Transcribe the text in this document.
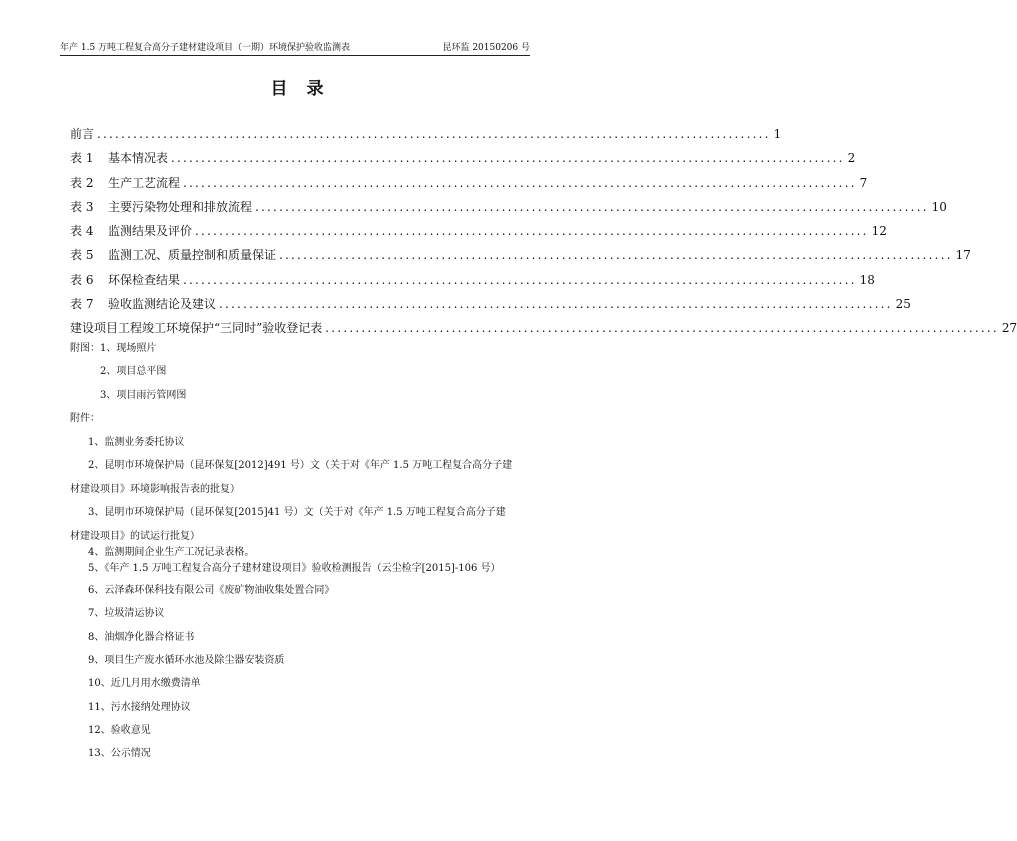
年产 1.5 万吨工程复合高分子建材建设项目（一期）环境保护验收监测表	昆环监 20150206 号
目　录
前言 ................................................................................................................ 1
表 1	基本情况表 ................................................................................................................ 2
表 2	生产工艺流程 ................................................................................................................ 7
表 3	主要污染物处理和排放流程 ................................................................................................................ 10
表 4	监测结果及评价 ................................................................................................................ 12
表 5	监测工况、质量控制和质量保证 ................................................................................................................ 17
表 6	环保检查结果 ................................................................................................................ 18
表 7	验收监测结论及建议 ................................................................................................................ 25
建设项目工程竣工环境保护“三同时”验收登记表 ................................................................................................................ 27
附图：1、现场照片
2、项目总平图
3、项目雨污管网图
附件：
1、监测业务委托协议
2、昆明市环境保护局（昆环保复[2012]491 号）文（关于对《年产 1.5 万吨工程复合高分子建
材建设项目》环境影响报告表的批复）
3、昆明市环境保护局（昆环保复[2015]41 号）文（关于对《年产 1.5 万吨工程复合高分子建
材建设项目》的试运行批复）
4、监测期间企业生产工况记录表格。
5、《年产 1.5 万吨工程复合高分子建材建设项目》验收检测报告（云尘检字[2015]-106 号）
6、云泽森环保科技有限公司《废矿物油收集处置合同》
7、垃圾清运协议
8、油烟净化器合格证书
9、项目生产废水循环水池及除尘器安装资质
10、近几月用水缴费清单
11、污水接纳处理协议
12、验收意见
13、公示情况
